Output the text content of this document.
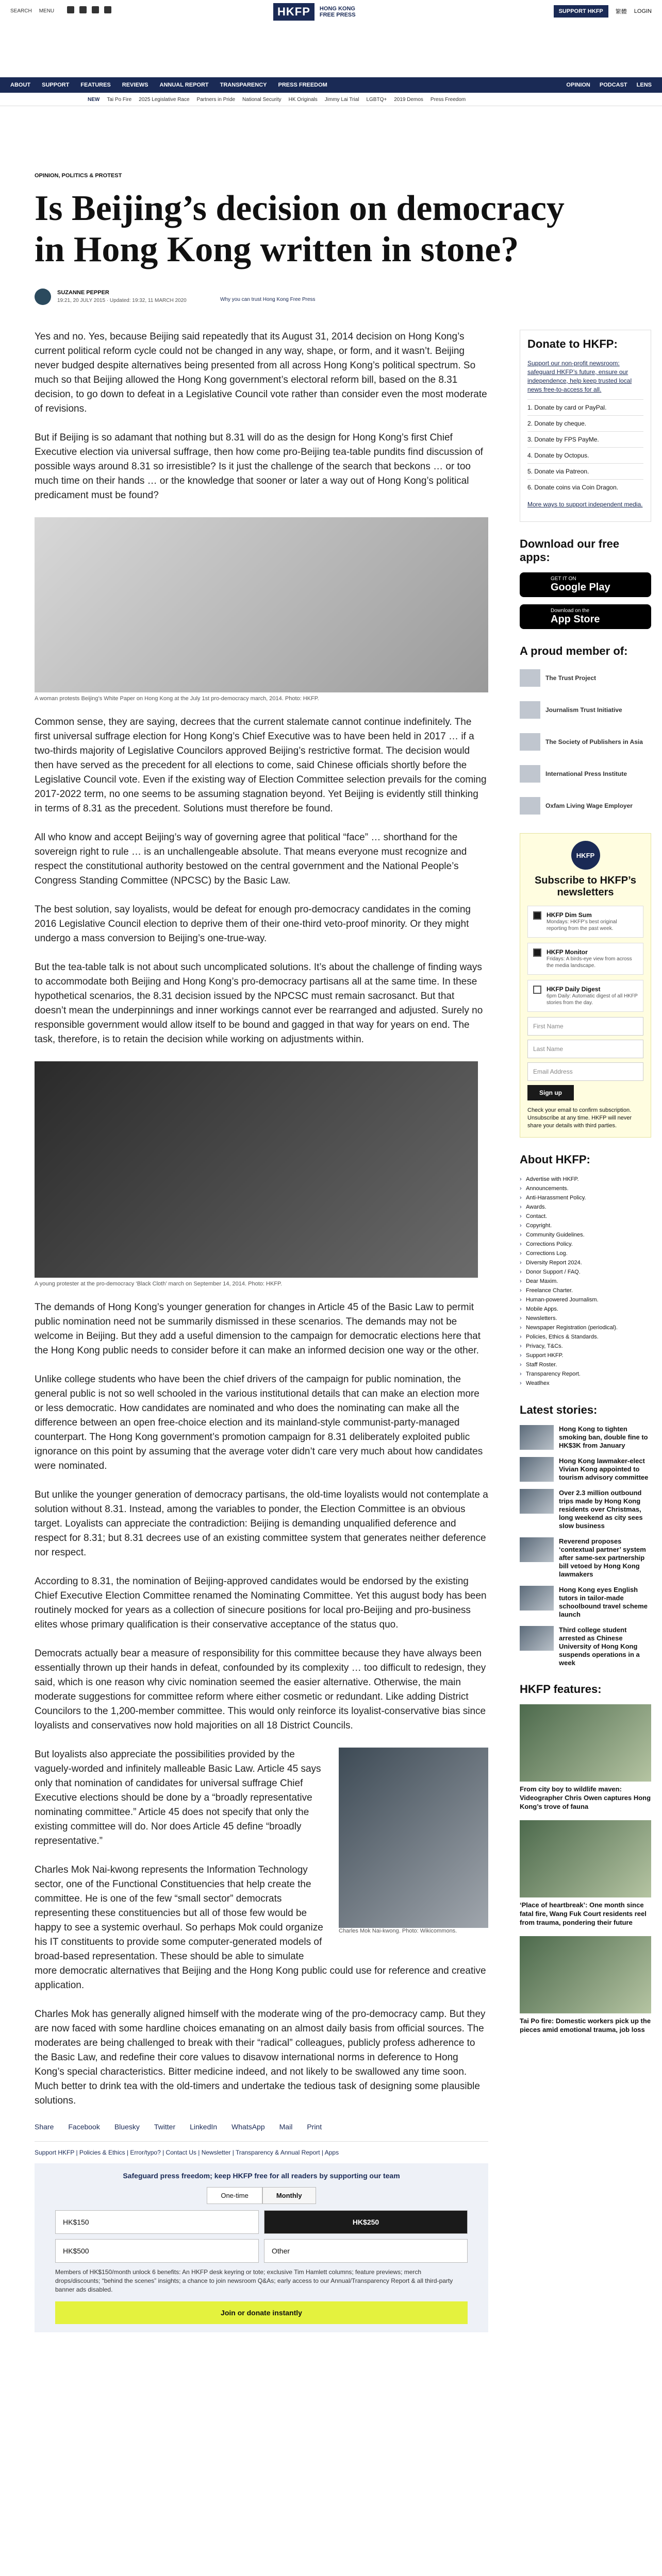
SEARCH MENU	HKFP	HONG KONG
FREE PRESS
SUPPORT HKFP	繁體 LOGIN
ABOUT SUPPORT FEATURES REVIEWS ANNUAL REPORT TRANSPARENCY PRESS FREEDOM	OPINION PODCAST LENS
NEW Tai Po Fire 2025 Legislative Race Partners in Pride National Security HK Originals Jimmy Lai Trial LGBTQ+ 2019 Demos Press Freedom
OPINION, POLITICS & PROTEST
Is Beijing’s decision on democracy in Hong Kong written in stone?
SUZANNE PEPPER
19:21, 20 JULY 2015 · Updated: 19:32, 11 MARCH 2020	Why you can trust Hong Kong Free Press

Yes and no. Yes, because Beijing said repeatedly that its August 31, 2014 decision on Hong Kong’s current political reform cycle could not be changed in any way, shape, or form, and it wasn’t. Beijing never budged despite alternatives being presented from all across Hong Kong’s political spectrum. So much so that Beijing allowed the Hong Kong government’s electoral reform bill, based on the 8.31 decision, to go down to defeat in a Legislative Council vote rather than consider even the most moderate of revisions.

But if Beijing is so adamant that nothing but 8.31 will do as the design for Hong Kong’s first Chief Executive election via universal suffrage, then how come pro-Beijing tea-table pundits find discussion of possible ways around 8.31 so irresistible? Is it just the challenge of the search that beckons … or too much time on their hands … or the knowledge that sooner or later a way out of Hong Kong’s political predicament must be found?

A woman protests Beijing’s White Paper on Hong Kong at the July 1st pro-democracy march, 2014. Photo: HKFP.

Common sense, they are saying, decrees that the current stalemate cannot continue indefinitely. The first universal suffrage election for Hong Kong’s Chief Executive was to have been held in 2017 … if a two-thirds majority of Legislative Councilors approved Beijing’s restrictive format. The decision would then have served as the precedent for all elections to come, said Chinese officials shortly before the Legislative Council vote. Even if the existing way of Election Committee selection prevails for the coming 2017-2022 term, no one seems to be assuming stagnation beyond. Yet Beijing is evidently still thinking in terms of 8.31 as the precedent. Solutions must therefore be found.

All who know and accept Beijing’s way of governing agree that political “face” … shorthand for the sovereign right to rule … is an unchallengeable absolute. That means everyone must recognize and respect the constitutional authority bestowed on the central government and the National People’s Congress Standing Committee (NPCSC) by the Basic Law.

The best solution, say loyalists, would be defeat for enough pro-democracy candidates in the coming 2016 Legislative Council election to deprive them of their one-third veto-proof minority. Or they might undergo a mass conversion to Beijing’s one-true-way.

But the tea-table talk is not about such uncomplicated solutions. It’s about the challenge of finding ways to accommodate both Beijing and Hong Kong’s pro-democracy partisans all at the same time. In these hypothetical scenarios, the 8.31 decision issued by the NPCSC must remain sacrosanct. But that doesn’t mean the underpinnings and inner workings cannot ever be rearranged and adjusted. Surely no responsible government would allow itself to be bound and gagged in that way for years on end. The task, therefore, is to retain the decision while working on adjustments within.

A young protester at the pro-democracy ‘Black Cloth’ march on September 14, 2014. Photo: HKFP.

The demands of Hong Kong’s younger generation for changes in Article 45 of the Basic Law to permit public nomination need not be summarily dismissed in these scenarios. The demands may not be welcome in Beijing. But they add a useful dimension to the campaign for democratic elections here that the Hong Kong public needs to consider before it can make an informed decision one way or the other.

Unlike college students who have been the chief drivers of the campaign for public nomination, the general public is not so well schooled in the various institutional details that can make an election more or less democratic. How candidates are nominated and who does the nominating can make all the difference between an open free-choice election and its mainland-style communist-party-managed counterpart. The Hong Kong government’s promotion campaign for 8.31 deliberately exploited public ignorance on this point by assuming that the average voter didn’t care very much about how candidates were nominated.

But unlike the younger generation of democracy partisans, the old-time loyalists would not contemplate a solution without 8.31. Instead, among the variables to ponder, the Election Committee is an obvious target. Loyalists can appreciate the contradiction: Beijing is demanding unqualified deference and respect for 8.31; but 8.31 decrees use of an existing committee system that generates neither deference nor respect.

According to 8.31, the nomination of Beijing-approved candidates would be endorsed by the existing Chief Executive Election Committee renamed the Nominating Committee. Yet this august body has been routinely mocked for years as a collection of sinecure positions for local pro-Beijing and pro-business elites whose primary qualification is their conservative acceptance of the status quo.

Democrats actually bear a measure of responsibility for this committee because they have always been essentially thrown up their hands in defeat, confounded by its complexity … too difficult to redesign, they said, which is one reason why civic nomination seemed the easier alternative. Otherwise, the main moderate suggestions for committee reform where either cosmetic or redundant. Like adding District Councilors to the 1,200-member committee. This would only reinforce its loyalist-conservative bias since loyalists and conservatives now hold majorities on all 18 District Councils.

Charles Mok Nai-kwong. Photo: Wikicommons.

But loyalists also appreciate the possibilities provided by the vaguely-worded and infinitely malleable Basic Law. Article 45 says only that nomination of candidates for universal suffrage Chief Executive elections should be done by a “broadly representative nominating committee.” Article 45 does not specify that only the existing committee will do. Nor does Article 45 define “broadly representative.”

Charles Mok Nai-kwong represents the Information Technology sector, one of the Functional Constituencies that help create the committee. He is one of the few “small sector” democrats representing these constituencies but all of those few would be happy to see a systemic overhaul. So perhaps Mok could organize his IT constituents to provide some computer-generated models of broad-based representation. These should be able to simulate more democratic alternatives that Beijing and the Hong Kong public could use for reference and creative application.

Charles Mok has generally aligned himself with the moderate wing of the pro-democracy camp. But they are now faced with some hardline choices emanating on an almost daily basis from official sources. The moderates are being challenged to break with their “radical” colleagues, publicly profess adherence to the Basic Law, and redefine their core values to disavow international norms in deference to Hong Kong’s special characteristics. Bitter medicine indeed, and not likely to be swallowed any time soon. Much better to drink tea with the old-timers and undertake the tedious task of designing some plausible solutions.

Share Facebook Bluesky Twitter LinkedIn WhatsApp Mail Print
Support HKFP | Policies & Ethics | Error/typo? | Contact Us | Newsletter | Transparency & Annual Report | Apps
Safeguard press freedom; keep HKFP free for all readers by supporting our team
One-time	Monthly
HK$150	HK$250
HK$500	Other
Members of HK$150/month unlock 6 benefits: An HKFP desk keyring or tote; exclusive Tim Hamlett columns; feature previews; merch drops/discounts; “behind the scenes” insights; a chance to join newsroom Q&As; early access to our Annual/Transparency Report & all third-party banner ads disabled.
Join or donate instantly
Donate to HKFP:

Support our non-profit newsroom: safeguard HKFP’s future, ensure our independence, help keep trusted local news free-to-access for all.

1. Donate by card or PayPal.
2. Donate by cheque.
3. Donate by FPS PayMe.
4. Donate by Octopus.
5. Donate via Patreon.
6. Donate coins via Coin Dragon.

More ways to support independent media.

Download our free apps:
GET IT ON
Google Play
Download on the
App Store
A proud member of:
The Trust Project
Journalism Trust Initiative
The Society of Publishers in Asia
International Press Institute
Oxfam Living Wage Employer
HKFP
Subscribe to HKFP’s newsletters
HKFP Dim Sum
Mondays: HKFP’s best original reporting from the past week.
HKFP Monitor
Fridays: A birds-eye view from across the media landscape.
HKFP Daily Digest
6pm Daily: Automatic digest of all HKFP stories from the day.
First Name
Last Name
Email Address
Sign up
Check your email to confirm subscription. Unsubscribe at any time. HKFP will never share your details with third parties.
About HKFP:
› Advertise with HKFP.
› Announcements.
› Anti-Harassment Policy.
› Awards.
› Contact.
› Copyright.
› Community Guidelines.
› Corrections Policy.
› Corrections Log.
› Diversity Report 2024.
› Donor Support / FAQ.
› Dear Maxim.
› Freelance Charter.
› Human-powered Journalism.
› Mobile Apps.
› Newsletters.
› Newspaper Registration (periodical).
› Policies, Ethics & Standards.
› Privacy, T&Cs.
› Support HKFP.
› Staff Roster.
› Transparency Report.
› Weatlhex
Latest stories:
Hong Kong to tighten smoking ban, double fine to HK$3K from January
Hong Kong lawmaker-elect Vivian Kong appointed to tourism advisory committee
Over 2.3 million outbound trips made by Hong Kong residents over Christmas, long weekend as city sees slow business
Reverend proposes ‘contextual partner’ system after same-sex partnership bill vetoed by Hong Kong lawmakers
Hong Kong eyes English tutors in tailor-made schoolbound travel scheme launch
Third college student arrested as Chinese University of Hong Kong suspends operations in a week
HKFP features:
From city boy to wildlife maven: Videographer Chris Owen captures Hong Kong’s trove of fauna
‘Place of heartbreak’: One month since fatal fire, Wang Fuk Court residents reel from trauma, pondering their future
Tai Po fire: Domestic workers pick up the pieces amid emotional trauma, job loss
